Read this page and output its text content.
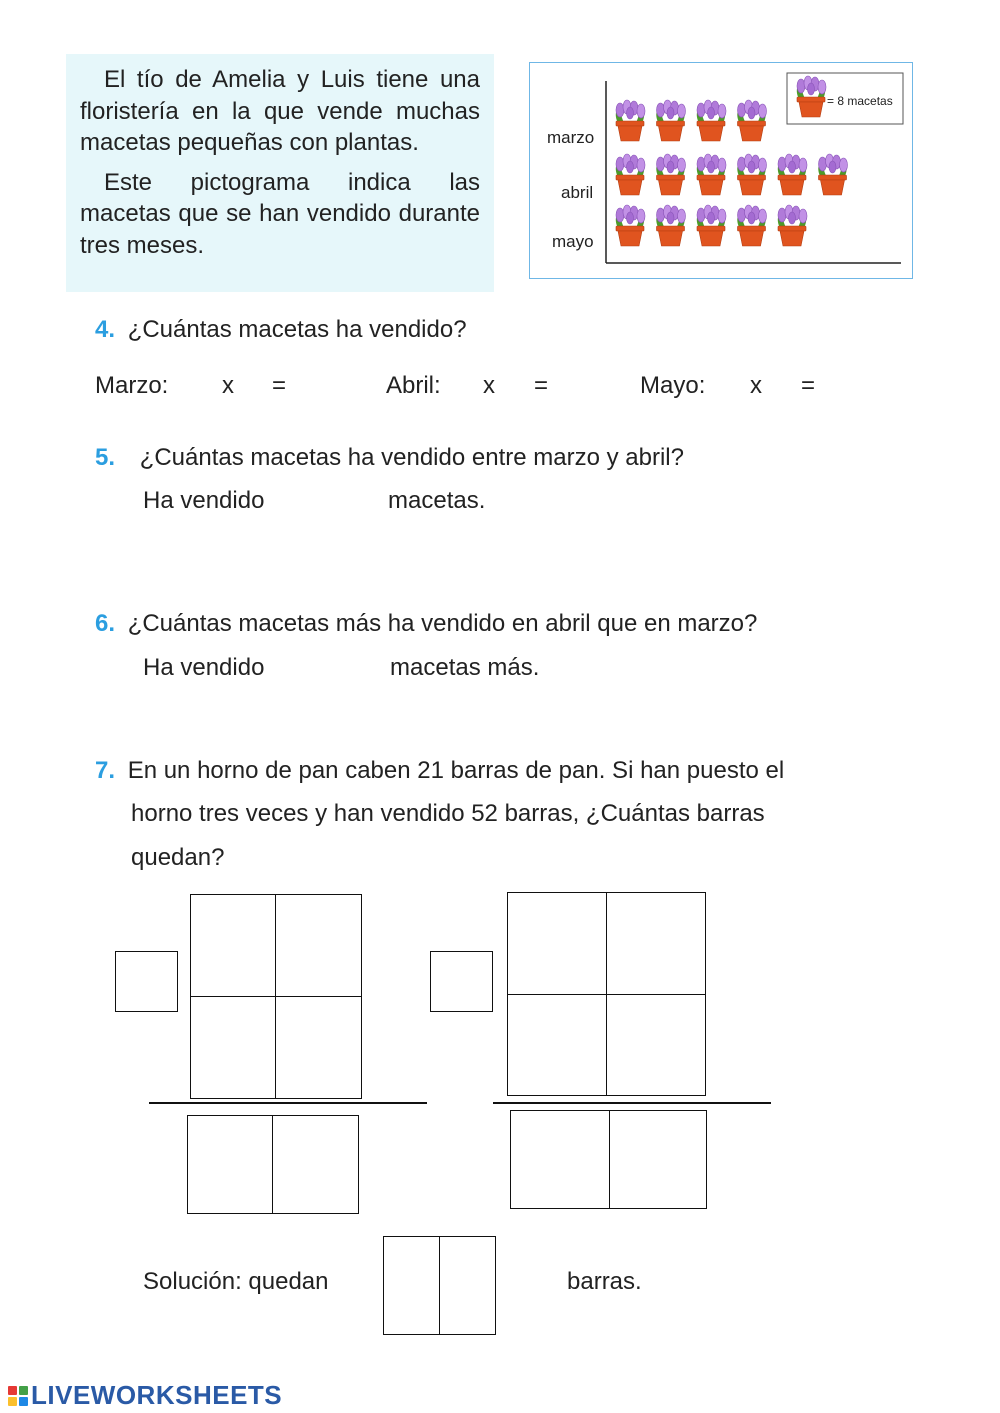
El tío de Amelia y Luis tiene una floristería en la que vende muchas macetas pequeñas con plantas.

Este pictograma indica las macetas que se han vendido durante tres meses.

marzo
abril
mayo
= 8 macetas
4. ¿Cuántas macetas ha vendido?
Marzo: x =	Abril: x =	Mayo: x =
5. ¿Cuántas macetas ha vendido entre marzo y abril?
Ha vendido	macetas.
6. ¿Cuántas macetas más ha vendido en abril que en marzo?
Ha vendido	macetas más.
7. En un horno de pan caben 21 barras de pan. Si han puesto el
horno tres veces y han vendido 52 barras, ¿Cuántas barras
quedan?
Solución: quedan	barras.
LIVEWORKSHEETS
